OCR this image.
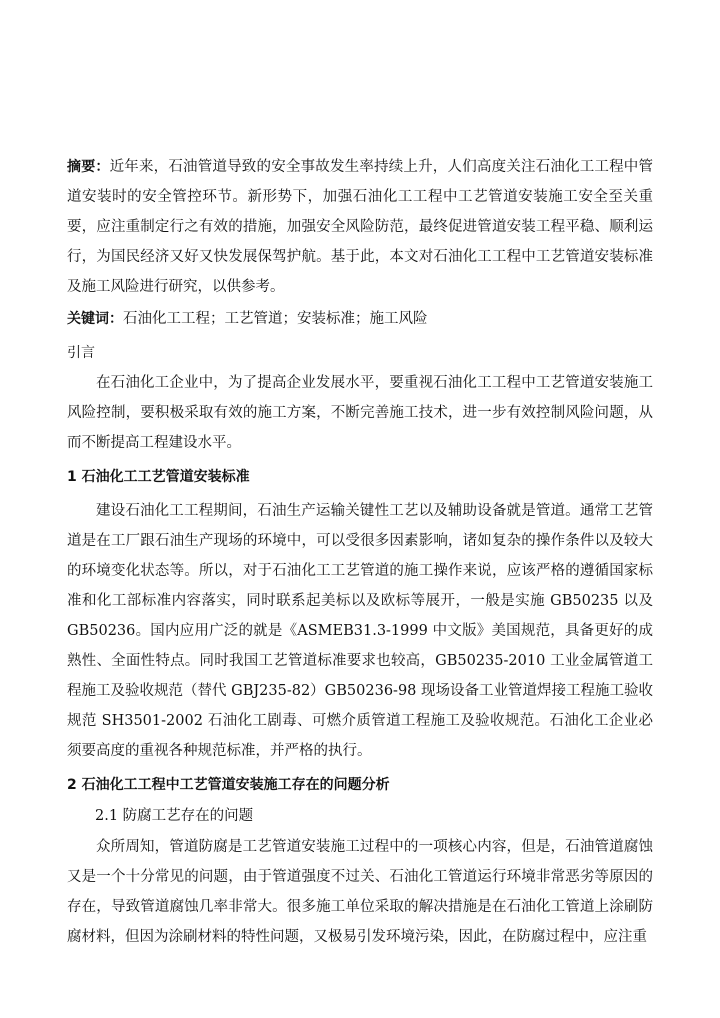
摘要：近年来，石油管道导致的安全事故发生率持续上升，人们高度关注石油化工工程中管道安装时的安全管控环节。新形势下，加强石油化工工程中工艺管道安装施工安全至关重要，应注重制定行之有效的措施，加强安全风险防范，最终促进管道安装工程平稳、顺利运行，为国民经济又好又快发展保驾护航。基于此，本文对石油化工工程中工艺管道安装标准及施工风险进行研究，以供参考。

关键词：石油化工工程；工艺管道；安装标准；施工风险

引言

在石油化工企业中，为了提高企业发展水平，要重视石油化工工程中工艺管道安装施工风险控制，要积极采取有效的施工方案，不断完善施工技术，进一步有效控制风险问题，从而不断提高工程建设水平。

1 石油化工工艺管道安装标准

建设石油化工工程期间，石油生产运输关键性工艺以及辅助设备就是管道。通常工艺管道是在工厂跟石油生产现场的环境中，可以受很多因素影响，诸如复杂的操作条件以及较大的环境变化状态等。所以，对于石油化工工艺管道的施工操作来说，应该严格的遵循国家标准和化工部标准内容落实，同时联系起美标以及欧标等展开，一般是实施 GB50235 以及 GB50236。国内应用广泛的就是《ASMEB31.3-1999 中文版》美国规范，具备更好的成熟性、全面性特点。同时我国工艺管道标准要求也较高，GB50235-2010 工业金属管道工程施工及验收规范（替代 GBJ235-82）GB50236-98 现场设备工业管道焊接工程施工验收规范 SH3501-2002 石油化工剧毒、可燃介质管道工程施工及验收规范。石油化工企业必须要高度的重视各种规范标准，并严格的执行。

2 石油化工工程中工艺管道安装施工存在的问题分析

2.1 防腐工艺存在的问题

众所周知，管道防腐是工艺管道安装施工过程中的一项核心内容，但是，石油管道腐蚀又是一个十分常见的问题，由于管道强度不过关、石油化工管道运行环境非常恶劣等原因的存在，导致管道腐蚀几率非常大。很多施工单位采取的解决措施是在石油化工管道上涂刷防腐材料，但因为涂刷材料的特性问题，又极易引发环境污染，因此，在防腐过程中，应注重
